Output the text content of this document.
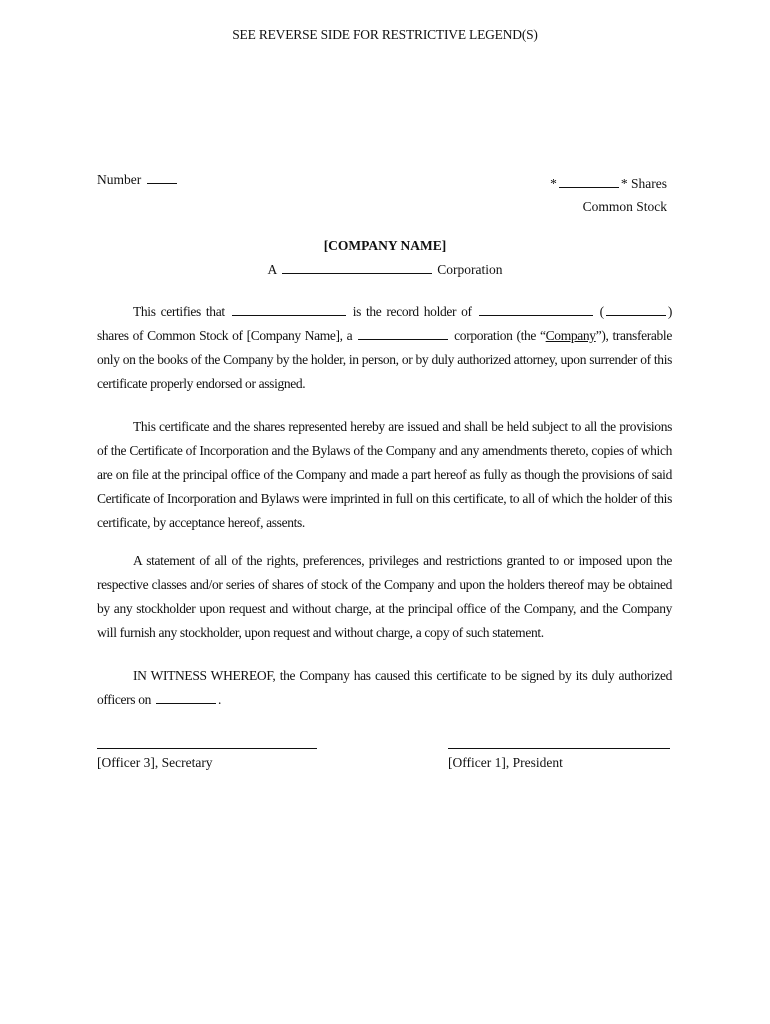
SEE REVERSE SIDE FOR RESTRICTIVE LEGEND(S)
Number	*	* Shares
Common Stock
[COMPANY NAME]
A	Corporation
This certifies that	is the record holder of	(	) shares of Common Stock of [Company Name], a	corporation (the “Company”), transferable only on the books of the Company by the holder, in person, or by duly authorized attorney, upon surrender of this certificate properly endorsed or assigned.
This certificate and the shares represented hereby are issued and shall be held subject to all the provisions of the Certificate of Incorporation and the Bylaws of the Company and any amendments thereto, copies of which are on file at the principal office of the Company and made a part hereof as fully as though the provisions of said Certificate of Incorporation and Bylaws were imprinted in full on this certificate, to all of which the holder of this certificate, by acceptance hereof, assents.
A statement of all of the rights, preferences, privileges and restrictions granted to or imposed upon the respective classes and/or series of shares of stock of the Company and upon the holders thereof may be obtained by any stockholder upon request and without charge, at the principal office of the Company, and the Company will furnish any stockholder, upon request and without charge, a copy of such statement.
IN WITNESS WHEREOF, the Company has caused this certificate to be signed by its duly authorized officers on	.
[Officer 3], Secretary	[Officer 1], President
